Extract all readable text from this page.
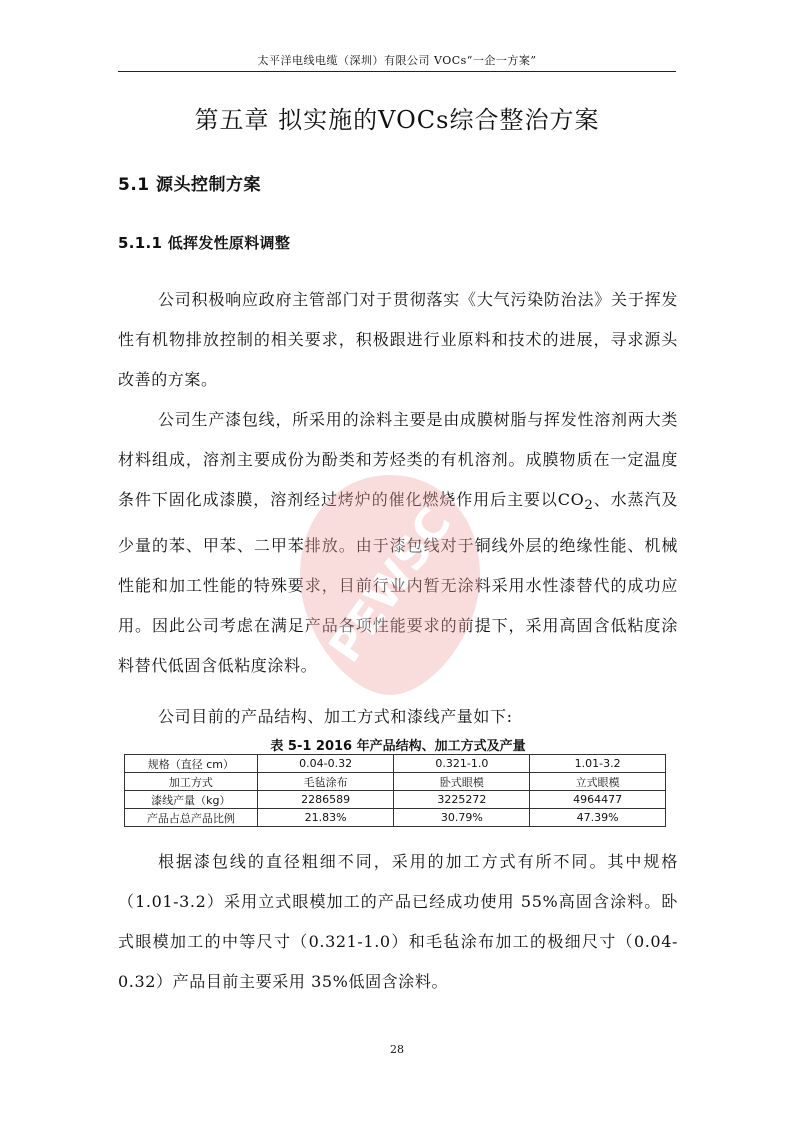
太平洋电线电缆（深圳）有限公司 VOCs“一企一方案”
第五章 拟实施的VOCs综合整治方案
5.1 源头控制方案
5.1.1 低挥发性原料调整
公司积极响应政府主管部门对于贯彻落实《大气污染防治法》关于挥发性有机物排放控制的相关要求，积极跟进行业原料和技术的进展，寻求源头改善的方案。
公司生产漆包线，所采用的涂料主要是由成膜树脂与挥发性溶剂两大类材料组成，溶剂主要成份为酚类和芳烃类的有机溶剂。成膜物质在一定温度条件下固化成漆膜，溶剂经过烤炉的催化燃烧作用后主要以$CO_2$、水蒸汽及少量的苯、甲苯、二甲苯排放。由于漆包线对于铜线外层的绝缘性能、机械性能和加工性能的特殊要求，目前行业内暂无涂料采用水性漆替代的成功应用。因此公司考虑在满足产品各项性能要求的前提下，采用高固含低粘度涂料替代低固含低粘度涂料。
公司目前的产品结构、加工方式和漆线产量如下:
表 5-1 2016 年产品结构、加工方式及产量
规格（直径 cm）	0.04-0.32	0.321-1.0	1.01-3.2
加工方式	毛毡涂布	卧式眼模	立式眼模
漆线产量（kg）	2286589	3225272	4964477
产品占总产品比例	21.83%	30.79%	47.39%
根据漆包线的直径粗细不同，采用的加工方式有所不同。其中规格（1.01-3.2）采用立式眼模加工的产品已经成功使用 55%高固含涂料。卧式眼模加工的中等尺寸（0.321-1.0）和毛毡涂布加工的极细尺寸（0.04-0.32）产品目前主要采用 35%低固含涂料。
PEWSC
28
